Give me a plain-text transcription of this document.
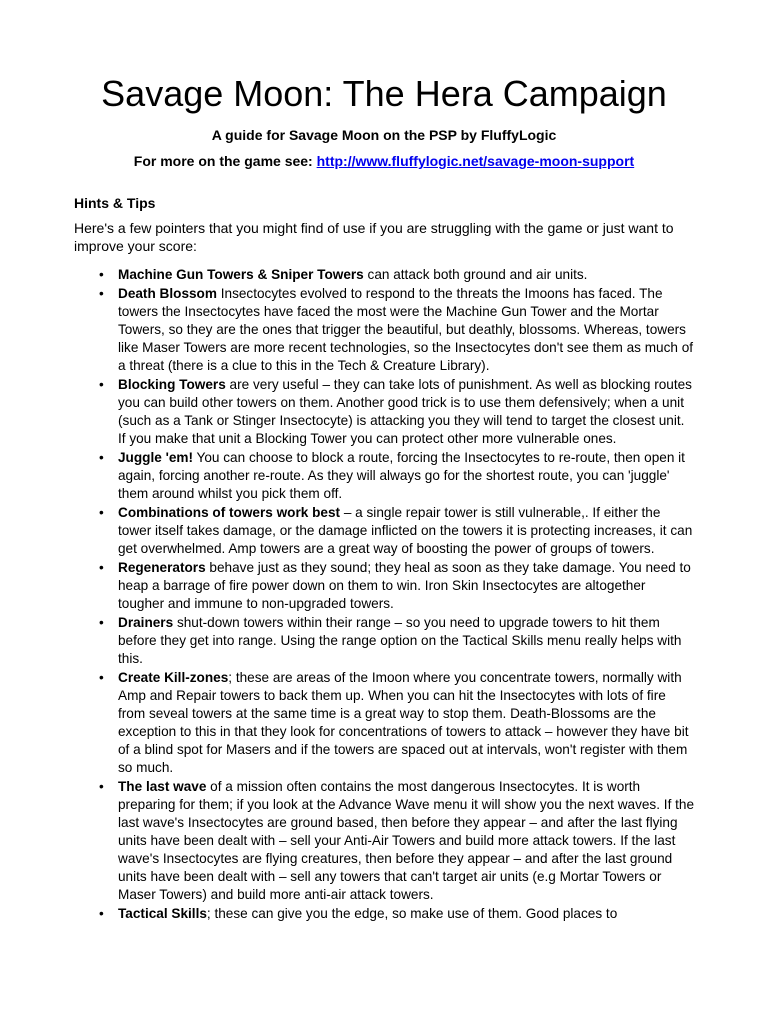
Savage Moon: The Hera Campaign

A guide for Savage Moon on the PSP by FluffyLogic

For more on the game see: http://www.fluffylogic.net/savage-moon-support

Hints & Tips

Here's a few pointers that you might find of use if you are struggling with the game or just want to improve your score:

• Machine Gun Towers & Sniper Towers can attack both ground and air units.
• Death Blossom Insectocytes evolved to respond to the threats the Imoons has faced. The towers the Insectocytes have faced the most were the Machine Gun Tower and the Mortar Towers, so they are the ones that trigger the beautiful, but deathly, blossoms. Whereas, towers like Maser Towers are more recent technologies, so the Insectocytes don't see them as much of a threat (there is a clue to this in the Tech & Creature Library).
• Blocking Towers are very useful – they can take lots of punishment. As well as blocking routes you can build other towers on them. Another good trick is to use them defensively; when a unit (such as a Tank or Stinger Insectocyte) is attacking you they will tend to target the closest unit. If you make that unit a Blocking Tower you can protect other more vulnerable ones.
• Juggle 'em! You can choose to block a route, forcing the Insectocytes to re-route, then open it again, forcing another re-route. As they will always go for the shortest route, you can 'juggle' them around whilst you pick them off.
• Combinations of towers work best – a single repair tower is still vulnerable,. If either the tower itself takes damage, or the damage inflicted on the towers it is protecting increases, it can get overwhelmed. Amp towers are a great way of boosting the power of groups of towers.
• Regenerators behave just as they sound; they heal as soon as they take damage. You need to heap a barrage of fire power down on them to win. Iron Skin Insectocytes are altogether tougher and immune to non-upgraded towers.
• Drainers shut-down towers within their range – so you need to upgrade towers to hit them before they get into range. Using the range option on the Tactical Skills menu really helps with this.
• Create Kill-zones; these are areas of the Imoon where you concentrate towers, normally with Amp and Repair towers to back them up. When you can hit the Insectocytes with lots of fire from seveal towers at the same time is a great way to stop them. Death-Blossoms are the exception to this in that they look for concentrations of towers to attack – however they have bit of a blind spot for Masers and if the towers are spaced out at intervals, won't register with them so much.
• The last wave of a mission often contains the most dangerous Insectocytes. It is worth preparing for them; if you look at the Advance Wave menu it will show you the next waves. If the last wave's Insectocytes are ground based, then before they appear – and after the last flying units have been dealt with – sell your Anti-Air Towers and build more attack towers. If the last wave's Insectocytes are flying creatures, then before they appear – and after the last ground units have been dealt with – sell any towers that can't target air units (e.g Mortar Towers or Maser Towers) and build more anti-air attack towers.
• Tactical Skills; these can give you the edge, so make use of them. Good places to
